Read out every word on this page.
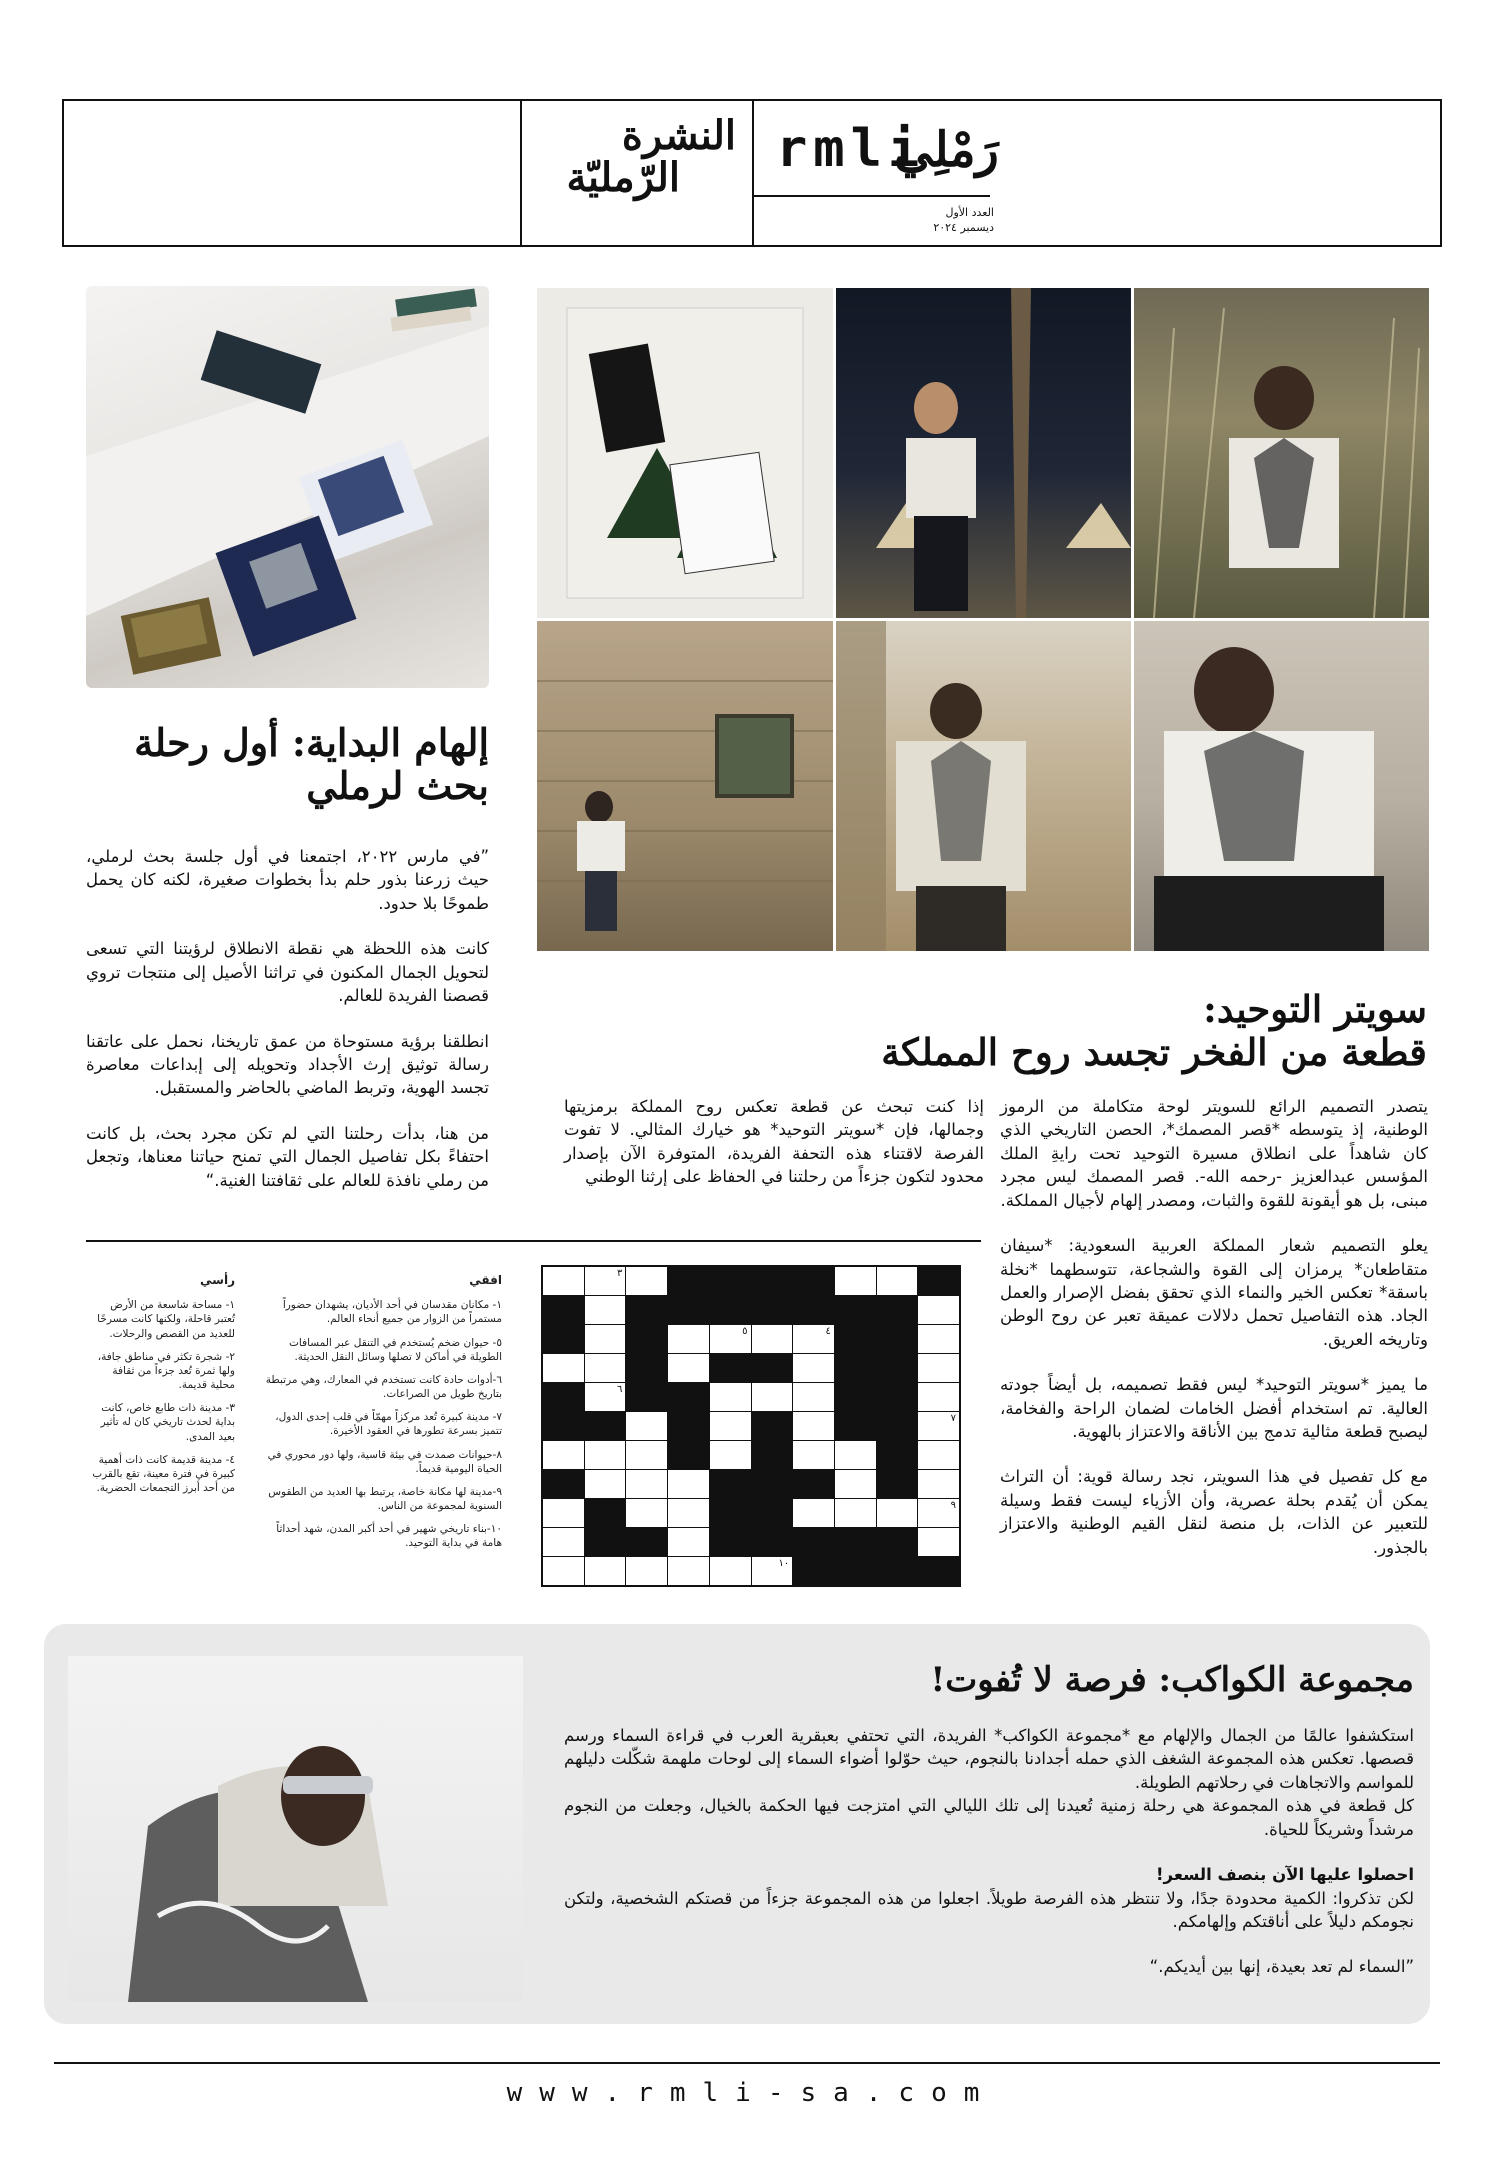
rmli
رَمْلِي
النشرة
الرّمليّة
العدد الأول
ديسمبر ٢٠٢٤
إلهام البداية: أول رحلة
بحث لرملي

”في مارس ٢٠٢٢، اجتمعنا في أول جلسة بحث لرملي، حيث زرعنا بذور حلم بدأ بخطوات صغيرة، لكنه كان يحمل طموحًا بلا حدود.

كانت هذه اللحظة هي نقطة الانطلاق لرؤيتنا التي تسعى لتحويل الجمال المكنون في تراثنا الأصيل إلى منتجات تروي قصصنا الفريدة للعالم.

انطلقنا برؤية مستوحاة من عمق تاريخنا، نحمل على عاتقنا رسالة توثيق إرث الأجداد وتحويله إلى إبداعات معاصرة تجسد الهوية، وتربط الماضي بالحاضر والمستقبل.

من هنا، بدأت رحلتنا التي لم تكن مجرد بحث، بل كانت احتفاءً بكل تفاصيل الجمال التي تمنح حياتنا معناها، وتجعل من رملي نافذة للعالم على ثقافتنا الغنية.“

سويتر التوحيد:
قطعة من الفخر تجسد روح المملكة

يتصدر التصميم الرائع للسويتر لوحة متكاملة من الرموز الوطنية، إذ يتوسطه *قصر المصمك*، الحصن التاريخي الذي كان شاهداً على انطلاق مسيرة التوحيد تحت رايةِ الملك المؤسس عبدالعزيز -رحمه الله-. قصر المصمك ليس مجرد مبنى، بل هو أيقونة للقوة والثبات، ومصدر إلهام لأجيال المملكة.

يعلو التصميم شعار المملكة العربية السعودية: *سيفان متقاطعان* يرمزان إلى القوة والشجاعة، تتوسطهما *نخلة باسقة* تعكس الخير والنماء الذي تحقق بفضل الإصرار والعمل الجاد. هذه التفاصيل تحمل دلالات عميقة تعبر عن روح الوطن وتاريخه العريق.

ما يميز *سويتر التوحيد* ليس فقط تصميمه، بل أيضاً جودته العالية. تم استخدام أفضل الخامات لضمان الراحة والفخامة، ليصبح قطعة مثالية تدمج بين الأناقة والاعتزاز بالهوية.

مع كل تفصيل في هذا السويتر، نجد رسالة قوية: أن التراث يمكن أن يُقدم بحلة عصرية، وأن الأزياء ليست فقط وسيلة للتعبير عن الذات، بل منصة لنقل القيم الوطنية والاعتزاز بالجذور.

إذا كنت تبحث عن قطعة تعكس روح المملكة برمزيتها وجمالها، فإن *سويتر التوحيد* هو خيارك المثالي. لا تفوت الفرصة لاقتناء هذه التحفة الفريدة، المتوفرة الآن بإصدار محدود لتكون جزءاً من رحلتنا في الحفاظ على إرثنا الوطني

افقي

١- مكانان مقدسان في أحد الأديان، يشهدان حضوراً مستمراً من الزوار من جميع أنحاء العالم.

٥- حيوان ضخم يُستخدم في التنقل عبر المسافات الطويلة في أماكن لا تصلها وسائل النقل الحديثة.

٦-أدوات حادة كانت تستخدم في المعارك، وهي مرتبطة بتاريخ طويل من الصراعات.

٧- مدينة كبيرة تُعد مركزاً مهمّاً في قلب إحدى الدول، تتميز بسرعة تطورها في العقود الأخيرة.

٨-حيوانات صمدت في بيئة قاسية، ولها دور محوري في الحياة اليومية قديماً.

٩-مدينة لها مكانة خاصة، يرتبط بها العديد من الطقوس السنوية لمجموعة من الناس.

١٠-بناء تاريخي شهير في أحد أكبر المدن، شهد أحداثاً هامة في بداية التوحيد.

رأسي

١- مساحة شاسعة من الأرض تُعتبر قاحلة، ولكنها كانت مسرحًا للعديد من القصص والرحلات.

٢- شجرة تكثر في مناطق جافة، ولها ثمرة تُعد جزءاً من ثقافة محلية قديمة.

٣- مدينة ذات طابع خاص، كانت بداية لحدث تاريخي كان له تأثير بعيد المدى.

٤- مدينة قديمة كانت ذات أهمية كبيرة في فترة معينة، تقع بالقرب من أحد أبرز التجمعات الحضرية.

٣
٥	٤
٦
٧
٩
١٠
مجموعة الكواكب: فرصة لا تُفوت!
استكشفوا عالمًا من الجمال والإلهام مع *مجموعة الكواكب* الفريدة، التي تحتفي بعبقرية العرب في قراءة السماء ورسم قصصها. تعكس هذه المجموعة الشغف الذي حمله أجدادنا بالنجوم، حيث حوّلوا أضواء السماء إلى لوحات ملهمة شكّلت دليلهم للمواسم والاتجاهات في رحلاتهم الطويلة.
كل قطعة في هذه المجموعة هي رحلة زمنية تُعيدنا إلى تلك الليالي التي امتزجت فيها الحكمة بالخيال، وجعلت من النجوم مرشداً وشريكاً للحياة.
احصلوا عليها الآن بنصف السعر!
لكن تذكروا: الكمية محدودة جدًا، ولا تنتظر هذه الفرصة طويلاً. اجعلوا من هذه المجموعة جزءاً من قصتكم الشخصية، ولتكن نجومكم دليلاً على أناقتكم وإلهامكم.
”السماء لم تعد بعيدة، إنها بين أيديكم.“
www.rmli-sa.com
